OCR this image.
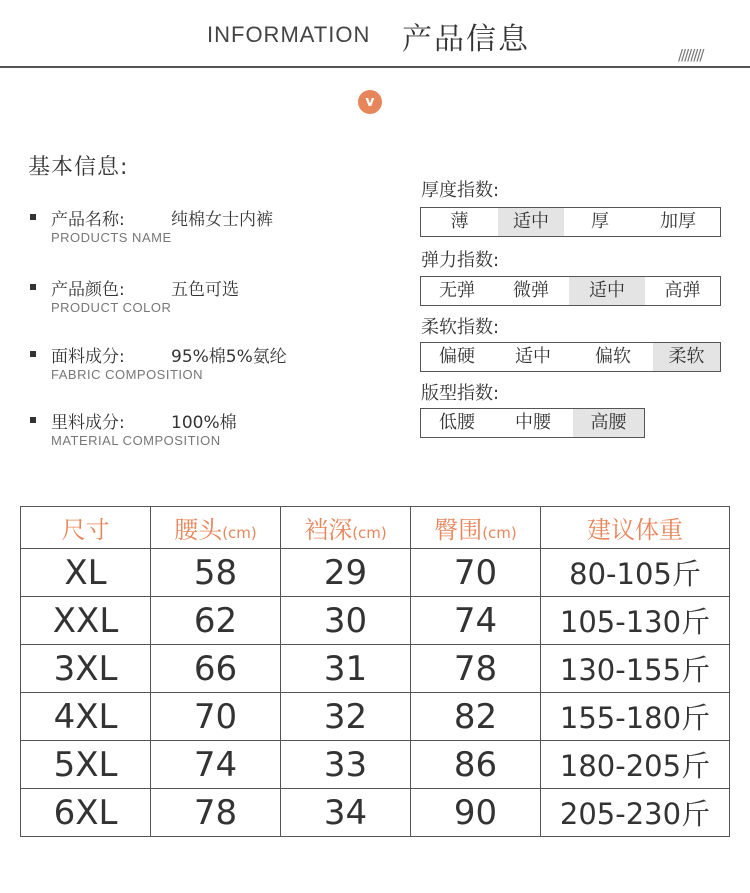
INFORMATION 产品信息	////////
v
基本信息:
产品名称:	纯棉女士内裤
PRODUCTS NAME
产品颜色:	五色可选
PRODUCT COLOR
面料成分:	95%棉5%氨纶
FABRIC COMPOSITION
里料成分:	100%棉
MATERIAL COMPOSITION
厚度指数:
薄	适中	厚	加厚
弹力指数:
无弹	微弹	适中	高弹
柔软指数:
偏硬	适中	偏软	柔软
版型指数:
低腰	中腰	高腰
尺寸	腰头(cm)	裆深(cm)	臀围(cm)	建议体重
XL	58	29	70	80-105斤
XXL	62	30	74	105-130斤
3XL	66	31	78	130-155斤
4XL	70	32	82	155-180斤
5XL	74	33	86	180-205斤
6XL	78	34	90	205-230斤
